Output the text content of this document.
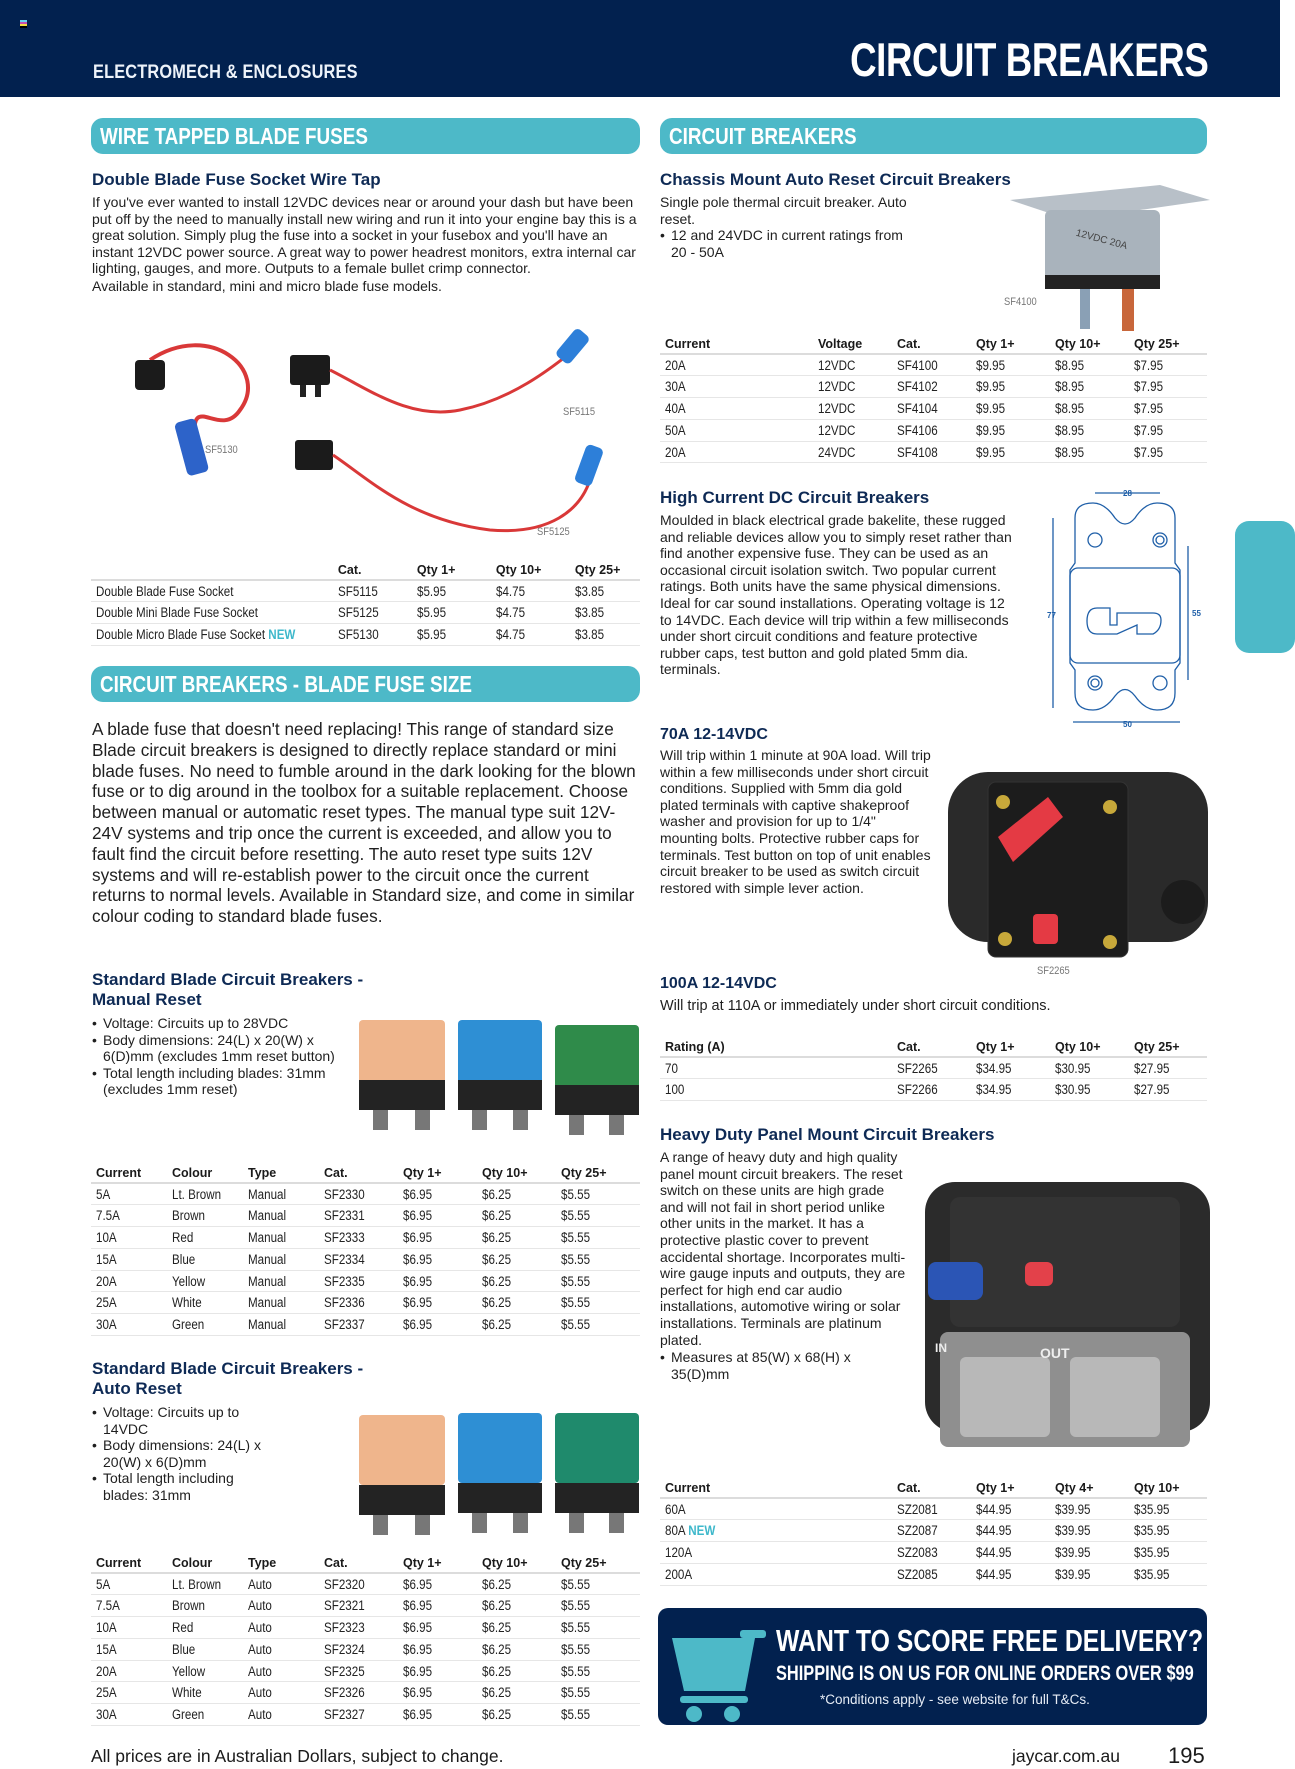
ELECTROMECH & ENCLOSURES	CIRCUIT BREAKERS
WIRE TAPPED BLADE FUSES
Double Blade Fuse Socket Wire Tap

If you've ever wanted to install 12VDC devices near or around your dash but have been put off by the need to manually install new wiring and run it into your engine bay this is a great solution. Simply plug the fuse into a socket in your fusebox and you'll have an instant 12VDC power source. A great way to power headrest monitors, extra internal car lighting, gauges, and more. Outputs to a female bullet crimp connector.

Available in standard, mini and micro blade fuse models.

SF5130
SF5115
SF5125
	Cat.	Qty 1+	Qty 10+	Qty 25+
Double Blade Fuse Socket	SF5115	$5.95	$4.75	$3.85
Double Mini Blade Fuse Socket	SF5125	$5.95	$4.75	$3.85
Double Micro Blade Fuse Socket NEW	SF5130	$5.95	$4.75	$3.85
CIRCUIT BREAKERS - BLADE FUSE SIZE
A blade fuse that doesn't need replacing! This range of standard size Blade circuit breakers is designed to directly replace standard or mini blade fuses. No need to fumble around in the dark looking for the blown fuse or to dig around in the toolbox for a suitable replacement. Choose between manual or automatic reset types. The manual type suit 12V-24V systems and trip once the current is exceeded, and allow you to fault find the circuit before resetting. The auto reset type suits 12V systems and will re-establish power to the circuit once the current returns to normal levels. Available in Standard size, and come in similar colour coding to standard blade fuses.
Standard Blade Circuit Breakers -
Manual Reset
• Voltage: Circuits up to 28VDC
• Body dimensions: 24(L) x 20(W) x 6(D)mm (excludes 1mm reset button)
• Total length including blades: 31mm (excludes 1mm reset)
Current	Colour	Type	Cat.	Qty 1+	Qty 10+	Qty 25+
5A	Lt. Brown	Manual	SF2330	$6.95	$6.25	$5.55
7.5A	Brown	Manual	SF2331	$6.95	$6.25	$5.55
10A	Red	Manual	SF2333	$6.95	$6.25	$5.55
15A	Blue	Manual	SF2334	$6.95	$6.25	$5.55
20A	Yellow	Manual	SF2335	$6.95	$6.25	$5.55
25A	White	Manual	SF2336	$6.95	$6.25	$5.55
30A	Green	Manual	SF2337	$6.95	$6.25	$5.55
Standard Blade Circuit Breakers -
Auto Reset
• Voltage: Circuits up to 14VDC
• Body dimensions: 24(L) x 20(W) x 6(D)mm
• Total length including blades: 31mm
Current	Colour	Type	Cat.	Qty 1+	Qty 10+	Qty 25+
5A	Lt. Brown	Auto	SF2320	$6.95	$6.25	$5.55
7.5A	Brown	Auto	SF2321	$6.95	$6.25	$5.55
10A	Red	Auto	SF2323	$6.95	$6.25	$5.55
15A	Blue	Auto	SF2324	$6.95	$6.25	$5.55
20A	Yellow	Auto	SF2325	$6.95	$6.25	$5.55
25A	White	Auto	SF2326	$6.95	$6.25	$5.55
30A	Green	Auto	SF2327	$6.95	$6.25	$5.55
CIRCUIT BREAKERS
Chassis Mount Auto Reset Circuit Breakers

Single pole thermal circuit breaker. Auto reset.

• 12 and 24VDC in current ratings from 20 - 50A	12VDC 20A
SF4100
Current	Voltage	Cat.	Qty 1+	Qty 10+	Qty 25+
20A	12VDC	SF4100	$9.95	$8.95	$7.95
30A	12VDC	SF4102	$9.95	$8.95	$7.95
40A	12VDC	SF4104	$9.95	$8.95	$7.95
50A	12VDC	SF4106	$9.95	$8.95	$7.95
20A	24VDC	SF4108	$9.95	$8.95	$7.95
High Current DC Circuit Breakers
Moulded in black electrical grade bakelite, these rugged and reliable devices allow you to simply reset rather than find another expensive fuse. They can be used as an occasional circuit isolation switch. Two popular current ratings. Both units have the same physical dimensions. Ideal for car sound installations. Operating voltage is 12 to 14VDC. Each device will trip within a few milliseconds under short circuit conditions and feature protective rubber caps, test button and gold plated 5mm dia. terminals.
28
77	55
50
70A 12-14VDC
Will trip within 1 minute at 90A load. Will trip within a few milliseconds under short circuit conditions. Supplied with 5mm dia gold plated terminals with captive shakeproof washer and provision for up to 1/4" mounting bolts. Protective rubber caps for terminals. Test button on top of unit enables circuit breaker to be used as switch circuit restored with simple lever action.
SF2265
100A 12-14VDC
Will trip at 110A or immediately under short circuit conditions.
Rating (A)	Cat.	Qty 1+	Qty 10+	Qty 25+
70	SF2265	$34.95	$30.95	$27.95
100	SF2266	$34.95	$30.95	$27.95
Heavy Duty Panel Mount Circuit Breakers

A range of heavy duty and high quality panel mount circuit breakers. The reset switch on these units are high grade and will not fail in short period unlike other units in the market. It has a protective plastic cover to prevent accidental shortage. Incorporates multi-wire gauge inputs and outputs, they are perfect for high end car audio installations, automotive wiring or solar installations. Terminals are platinum plated.

• Measures at 85(W) x 68(H) x 35(D)mm
IN	OUT
Current	Cat.	Qty 1+	Qty 4+	Qty 10+
60A	SZ2081	$44.95	$39.95	$35.95
80A NEW	SZ2087	$44.95	$39.95	$35.95
120A	SZ2083	$44.95	$39.95	$35.95
200A	SZ2085	$44.95	$39.95	$35.95
WANT TO SCORE FREE DELIVERY?
SHIPPING IS ON US FOR ONLINE ORDERS OVER $99
*Conditions apply - see website for full T&Cs.
All prices are in Australian Dollars, subject to change.	jaycar.com.au 195
